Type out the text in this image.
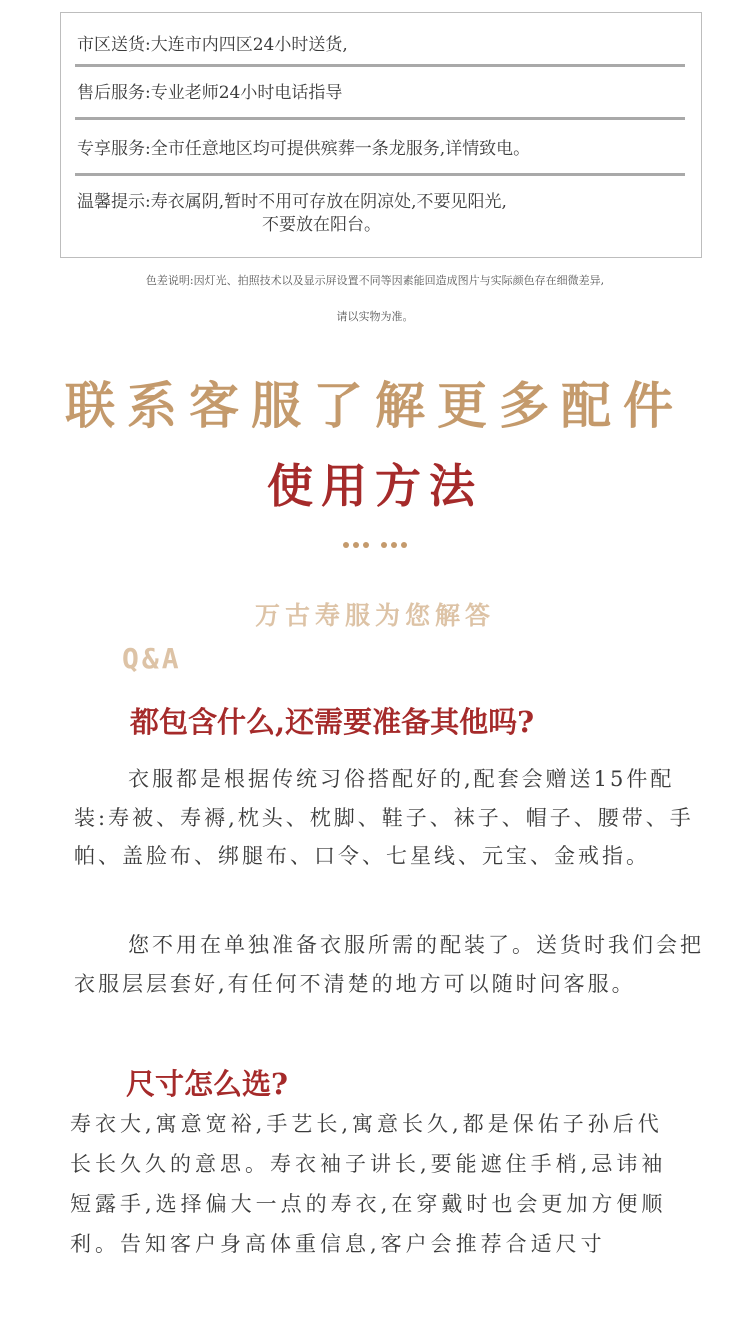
市区送货:大连市内四区24小时送货,
售后服务:专业老师24小时电话指导
专享服务:全市任意地区均可提供殡葬一条龙服务,详情致电。
温馨提示:寿衣属阴,暂时不用可存放在阴凉处,不要见阳光,
不要放在阳台。
色差说明:因灯光、拍照技术以及显示屏设置不同等因素能回造成图片与实际颜色存在细微差异,
请以实物为准。
联系客服了解更多配件
使用方法

万古寿服为您解答
Q&A
都包含什么,还需要准备其他吗?

衣服都是根据传统习俗搭配好的,配套会赠送15件配装:寿被、寿褥,枕头、枕脚、鞋子、袜子、帽子、腰带、手帕、盖脸布、绑腿布、口令、七星线、元宝、金戒指。

您不用在单独准备衣服所需的配装了。送货时我们会把衣服层层套好,有任何不清楚的地方可以随时问客服。

尺寸怎么选?

寿衣大,寓意宽裕,手艺长,寓意长久,都是保佑子孙后代长长久久的意思。寿衣袖子讲长,要能遮住手梢,忌讳袖短露手,选择偏大一点的寿衣,在穿戴时也会更加方便顺利。告知客户身高体重信息,客户会推荐合适尺寸
